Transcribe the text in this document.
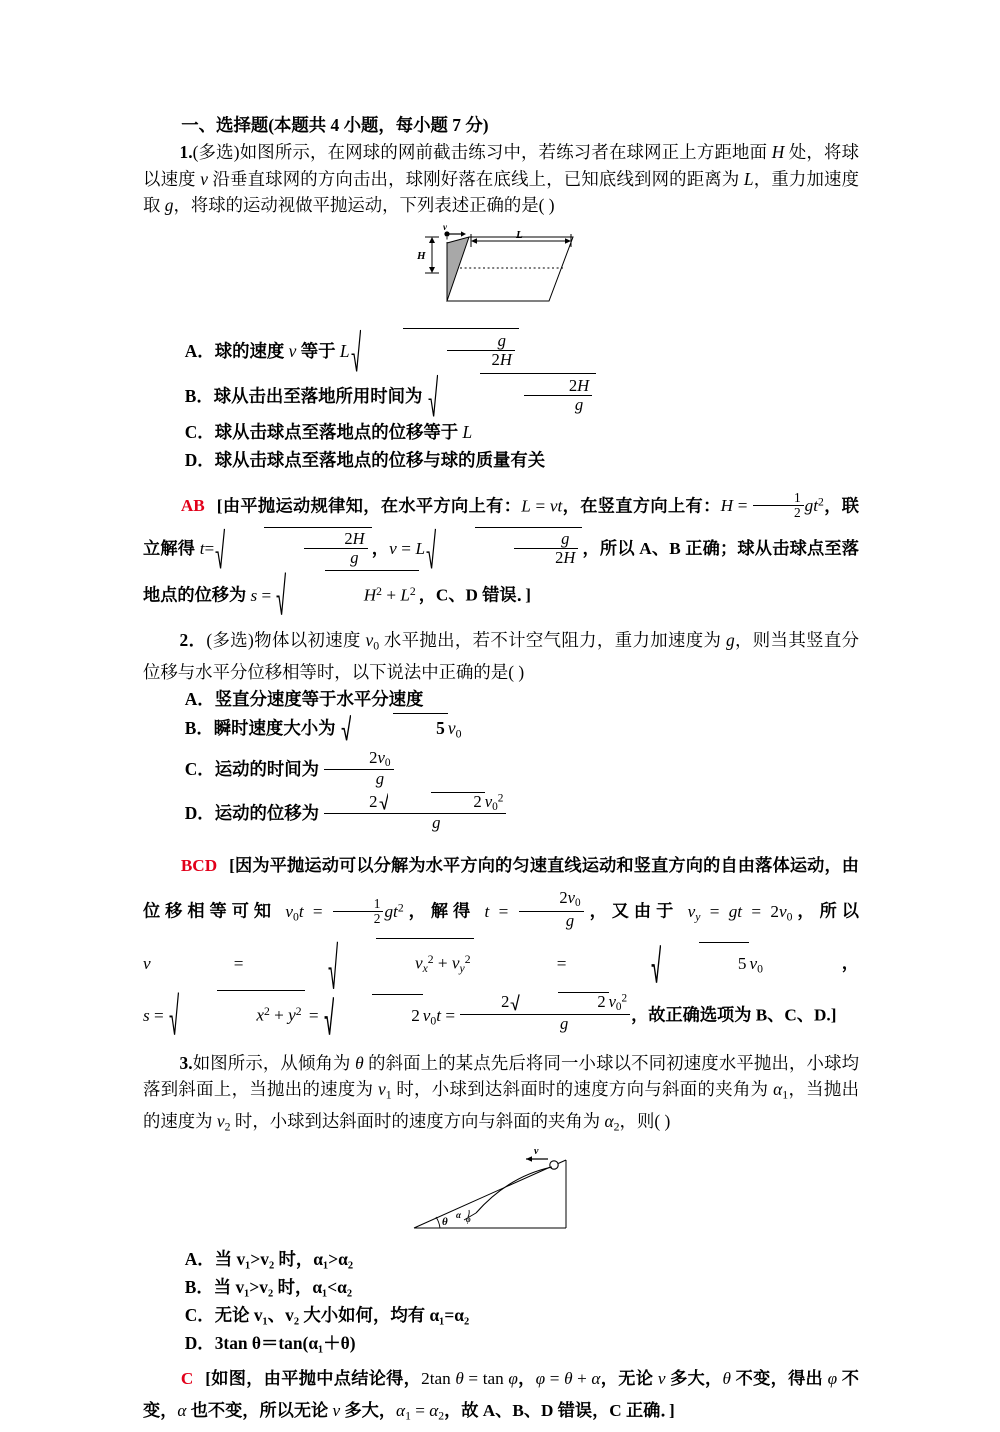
一、选择题(本题共 4 小题，每小题 7 分)
1.(多选)如图所示，在网球的网前截击练习中，若练习者在球网正上方距地面 H 处，将球以速度 v 沿垂直球网的方向击出，球刚好落在底线上，已知底线到网的距离为 L，重力加速度取 g，将球的运动视做平抛运动，下列表述正确的是( )
H
v
L
A．球的速度 v 等于 L	$\frac{g}{2H}$
B．球从击出至落地所用时间为	$\frac{2H}{g}$
C．球从击球点至落地点的位移等于 L
D．球从击球点至落地点的位移与球的质量有关
AB [由平抛运动规律知，在水平方向上有：L = vt，在竖直方向上有：$H = \frac{1}{2} gt^2$，联立解得 t=	$\frac{2H}{g}$ ，v = L	$\frac{g}{2H}$ ，所以 A、B 正确；球从击球点至落地点的位移为 s =	$H^2 + L^2$ ，C、D 错误．]
2．(多选)物体以初速度 $v_0$ 水平抛出，若不计空气阻力，重力加速度为 g，则当其竖直分位移与水平分位移相等时，以下说法中正确的是( )
A．竖直分速度等于水平分速度
B．瞬时速度大小为	5 $v_0$
C．运动的时间为 $\frac{2v_0}{g}$
D．运动的位移为 2	2 $v_0^2$
g
BCD [因为平抛运动可以分解为水平方向的匀速直线运动和竖直方向的自由落体运动，由位移相等可知 $v_0t = \frac{1}{2} gt^2$，解得 $t = \frac{2v_0}{g}$ ，又由于 $v_y$ = gt = $2v_0$，所以 v =	$v_x^2 + v_y^2$ =	5 $v_0$，s =	$x^2 + y^2$ =	2 $v_0t = 2$	2 $v_0^2$
g ，故正确选项为 B、C、D.]
3.如图所示，从倾角为 θ 的斜面上的某点先后将同一小球以不同初速度水平抛出，小球均落到斜面上，当抛出的速度为 $v_1$ 时，小球到达斜面时的速度方向与斜面的夹角为 $\alpha_1$，当抛出的速度为 $v_2$ 时，小球到达斜面时的速度方向与斜面的夹角为 $\alpha_2$，则( )
θ
v
α φ
A．当 v₁>v₂ 时，α₁>α₂
B．当 v₁>v₂ 时，α₁<α₂
C．无论 v₁、v₂ 大小如何，均有 α₁=α₂
D．3tan θ＝tan(α₁＋θ)
C [如图，由平抛中点结论得，2tan θ = tan φ，φ = θ + α，无论 v 多大，θ 不变，得出 φ 不变，α 也不变，所以无论 v 多大，$\alpha_1 = \alpha_2$，故 A、B、D 错误，C 正确．]
